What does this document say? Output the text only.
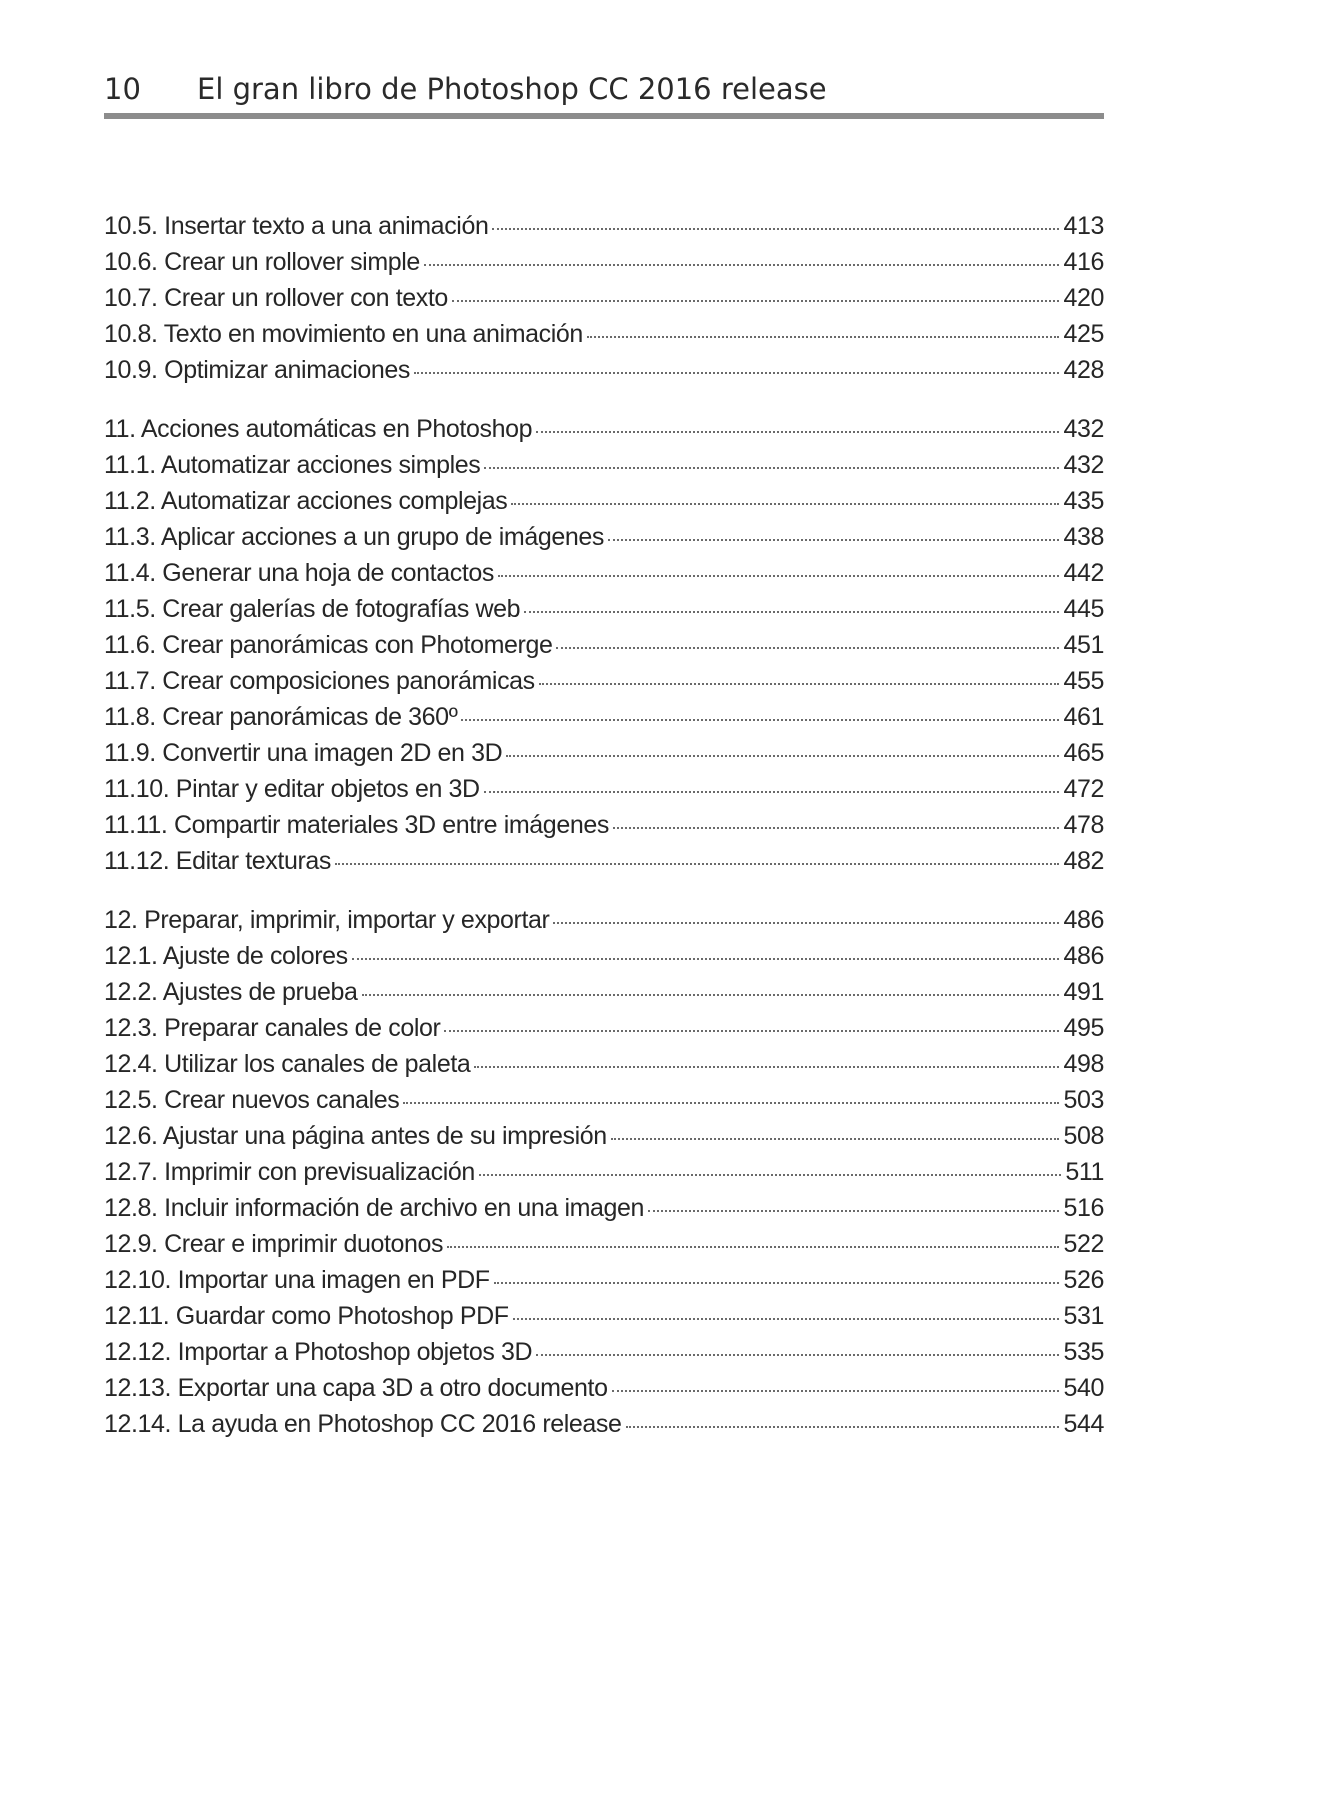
10 El gran libro de Photoshop CC 2016 release
10.5. Insertar texto a una animación	413
10.6. Crear un rollover simple	416
10.7. Crear un rollover con texto	420
10.8. Texto en movimiento en una animación	425
10.9. Optimizar animaciones	428
11. Acciones automáticas en Photoshop	432
11.1. Automatizar acciones simples	432
11.2. Automatizar acciones complejas	435
11.3. Aplicar acciones a un grupo de imágenes	438
11.4. Generar una hoja de contactos	442
11.5. Crear galerías de fotografías web	445
11.6. Crear panorámicas con Photomerge	451
11.7. Crear composiciones panorámicas	455
11.8. Crear panorámicas de 360º	461
11.9. Convertir una imagen 2D en 3D	465
11.10. Pintar y editar objetos en 3D	472
11.11. Compartir materiales 3D entre imágenes	478
11.12. Editar texturas	482
12. Preparar, imprimir, importar y exportar	486
12.1. Ajuste de colores	486
12.2. Ajustes de prueba	491
12.3. Preparar canales de color	495
12.4. Utilizar los canales de paleta	498
12.5. Crear nuevos canales	503
12.6. Ajustar una página antes de su impresión	508
12.7. Imprimir con previsualización	511
12.8. Incluir información de archivo en una imagen	516
12.9. Crear e imprimir duotonos	522
12.10. Importar una imagen en PDF	526
12.11. Guardar como Photoshop PDF	531
12.12. Importar a Photoshop objetos 3D	535
12.13. Exportar una capa 3D a otro documento	540
12.14. La ayuda en Photoshop CC 2016 release	544
